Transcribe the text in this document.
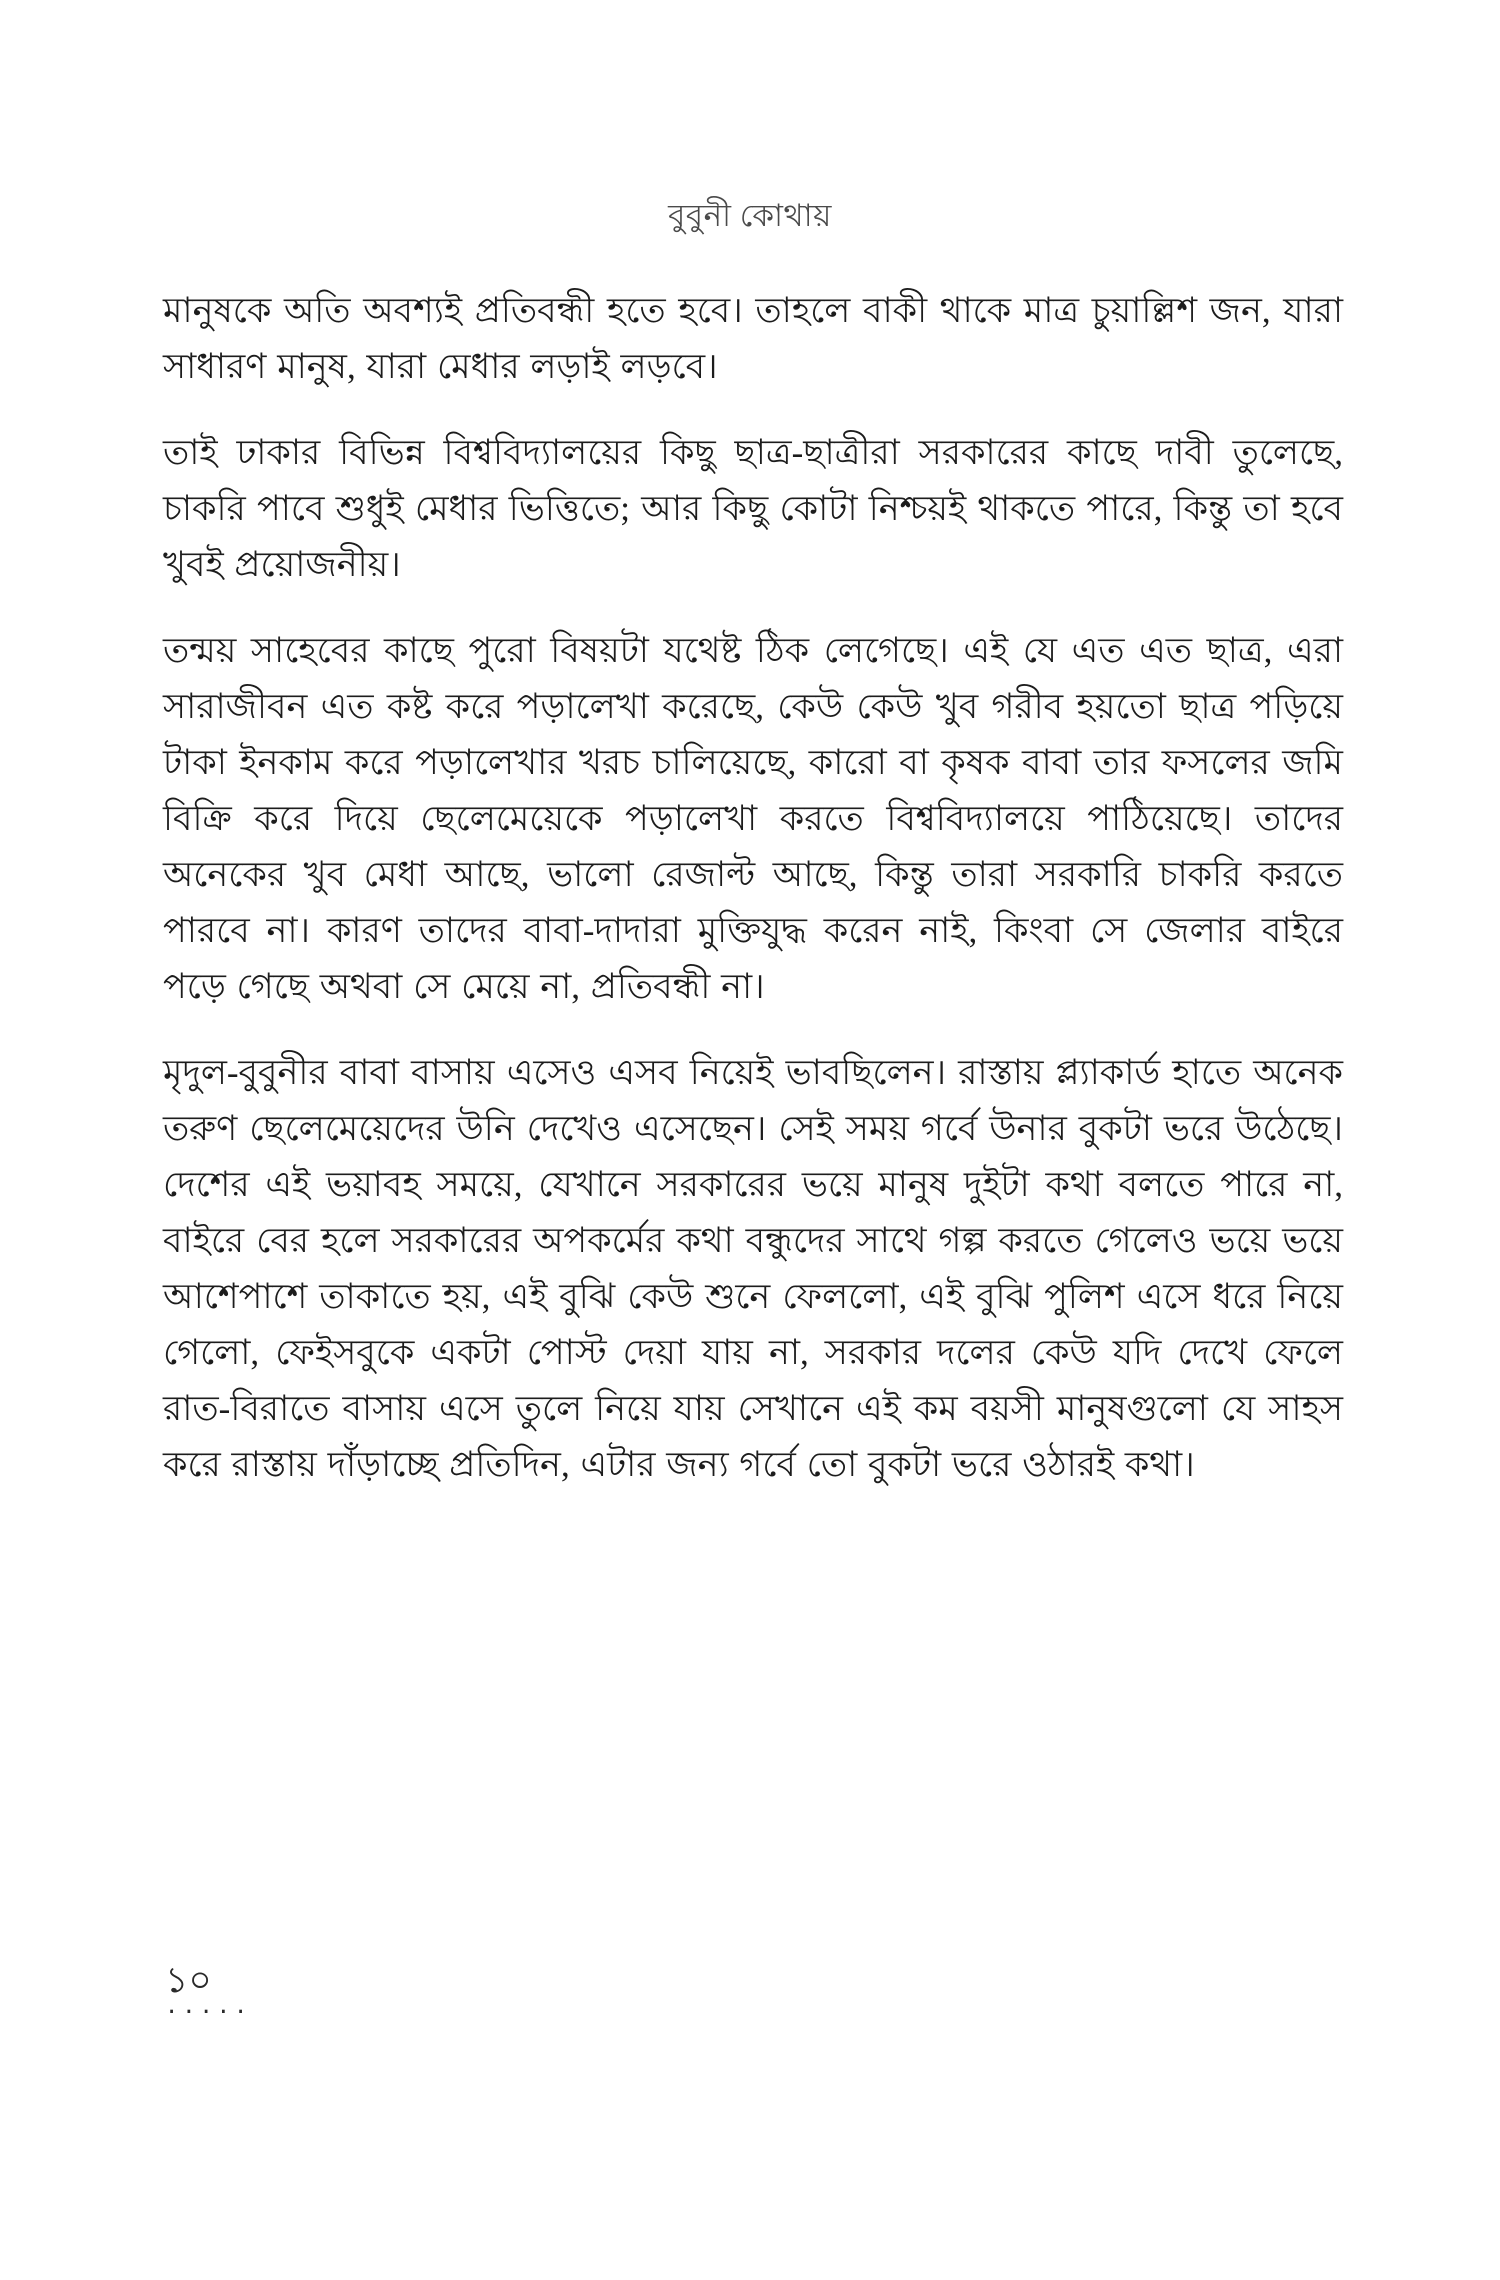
বুবুনী কোথায়

মানুষকে অতি অবশ্যই প্রতিবন্ধী হতে হবে। তাহলে বাকী থাকে মাত্র চুয়াল্লিশ জন, যারা সাধারণ মানুষ, যারা মেধার লড়াই লড়বে।

তাই ঢাকার বিভিন্ন বিশ্ববিদ্যালয়ের কিছু ছাত্র-ছাত্রীরা সরকারের কাছে দাবী তুলেছে, চাকরি পাবে শুধুই মেধার ভিত্তিতে; আর কিছু কোটা নিশ্চয়ই থাকতে পারে, কিন্তু তা হবে খুবই প্রয়োজনীয়।

তন্ময় সাহেবের কাছে পুরো বিষয়টা যথেষ্ট ঠিক লেগেছে। এই যে এত এত ছাত্র, এরা সারাজীবন এত কষ্ট করে পড়ালেখা করেছে, কেউ কেউ খুব গরীব হয়তো ছাত্র পড়িয়ে টাকা ইনকাম করে পড়ালেখার খরচ চালিয়েছে, কারো বা কৃষক বাবা তার ফসলের জমি বিক্রি করে দিয়ে ছেলেমেয়েকে পড়ালেখা করতে বিশ্ববিদ্যালয়ে পাঠিয়েছে। তাদের অনেকের খুব মেধা আছে, ভালো রেজাল্ট আছে, কিন্তু তারা সরকারি চাকরি করতে পারবে না। কারণ তাদের বাবা-দাদারা মুক্তিযুদ্ধ করেন নাই, কিংবা সে জেলার বাইরে পড়ে গেছে অথবা সে মেয়ে না, প্রতিবন্ধী না।

মৃদুল-বুবুনীর বাবা বাসায় এসেও এসব নিয়েই ভাবছিলেন। রাস্তায় প্ল্যাকার্ড হাতে অনেক তরুণ ছেলেমেয়েদের উনি দেখেও এসেছেন। সেই সময় গর্বে উনার বুকটা ভরে উঠেছে। দেশের এই ভয়াবহ সময়ে, যেখানে সরকারের ভয়ে মানুষ দুইটা কথা বলতে পারে না, বাইরে বের হলে সরকারের অপকর্মের কথা বন্ধুদের সাথে গল্প করতে গেলেও ভয়ে ভয়ে আশেপাশে তাকাতে হয়, এই বুঝি কেউ শুনে ফেললো, এই বুঝি পুলিশ এসে ধরে নিয়ে গেলো, ফেইসবুকে একটা পোস্ট দেয়া যায় না, সরকার দলের কেউ যদি দেখে ফেলে রাত-বিরাতে বাসায় এসে তুলে নিয়ে যায় সেখানে এই কম বয়সী মানুষগুলো যে সাহস করে রাস্তায় দাঁড়াচ্ছে প্রতিদিন, এটার জন্য গর্বে তো বুকটা ভরে ওঠারই কথা।

১০
.....
